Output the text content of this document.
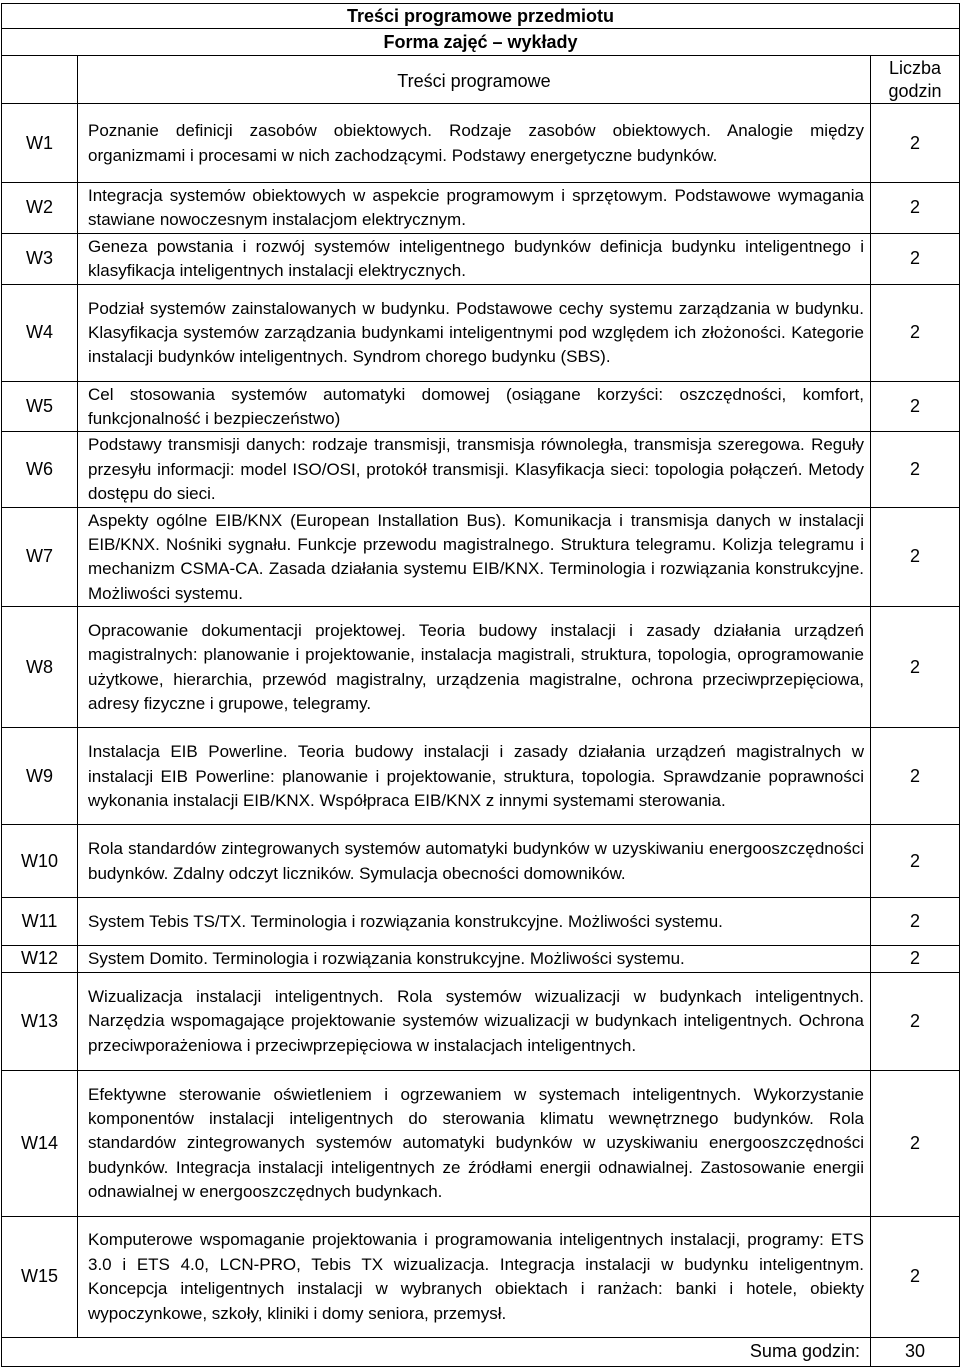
Treści programowe przedmiotu		
Forma zajęć – wykłady		
	Treści programowe	Liczba godzin
W1	Poznanie definicji zasobów obiektowych. Rodzaje zasobów obiektowych. Analogie między organizmami i procesami w nich zachodzącymi. Podstawy energetyczne budynków.	2
W2	Integracja systemów obiektowych w aspekcie programowym i sprzętowym. Podstawowe wymagania stawiane nowoczesnym instalacjom elektrycznym.	2
W3	Geneza powstania i rozwój systemów inteligentnego budynków definicja budynku inteligentnego i klasyfikacja inteligentnych instalacji elektrycznych.	2
W4	Podział systemów zainstalowanych w budynku. Podstawowe cechy systemu zarządzania w budynku. Klasyfikacja systemów zarządzania budynkami inteligentnymi pod względem ich złożoności. Kategorie instalacji budynków inteligentnych. Syndrom chorego budynku (SBS).	2
W5	Cel stosowania systemów automatyki domowej (osiągane korzyści: oszczędności, komfort, funkcjonalność i bezpieczeństwo)	2
W6	Podstawy transmisji danych: rodzaje transmisji, transmisja równoległa, transmisja szeregowa. Reguły przesyłu informacji: model ISO/OSI, protokół transmisji. Klasyfikacja sieci: topologia połączeń. Metody dostępu do sieci.	2
W7	Aspekty ogólne EIB/KNX (European Installation Bus). Komunikacja i transmisja danych w instalacji EIB/KNX. Nośniki sygnału. Funkcje przewodu magistralnego. Struktura telegramu. Kolizja telegramu i mechanizm CSMA-CA. Zasada działania systemu EIB/KNX. Terminologia i rozwiązania konstrukcyjne. Możliwości systemu.	2
W8	Opracowanie dokumentacji projektowej. Teoria budowy instalacji i zasady działania urządzeń magistralnych: planowanie i projektowanie, instalacja magistrali, struktura, topologia, oprogramowanie użytkowe, hierarchia, przewód magistralny, urządzenia magistralne, ochrona przeciwprzepięciowa, adresy fizyczne i grupowe, telegramy.	2
W9	Instalacja EIB Powerline. Teoria budowy instalacji i zasady działania urządzeń magistralnych w instalacji EIB Powerline: planowanie i projektowanie, struktura, topologia. Sprawdzanie poprawności wykonania instalacji EIB/KNX. Współpraca EIB/KNX z innymi systemami sterowania.	2
W10	Rola standardów zintegrowanych systemów automatyki budynków w uzyskiwaniu energooszczędności budynków. Zdalny odczyt liczników. Symulacja obecności domowników.	2
W11	System Tebis TS/TX. Terminologia i rozwiązania konstrukcyjne. Możliwości systemu.	2
W12	System Domito. Terminologia i rozwiązania konstrukcyjne. Możliwości systemu.	2
W13	Wizualizacja instalacji inteligentnych. Rola systemów wizualizacji w budynkach inteligentnych. Narzędzia wspomagające projektowanie systemów wizualizacji w budynkach inteligentnych. Ochrona przeciwporażeniowa i przeciwprzepięciowa w instalacjach inteligentnych.	2
W14	Efektywne sterowanie oświetleniem i ogrzewaniem w systemach inteligentnych. Wykorzystanie komponentów instalacji inteligentnych do sterowania klimatu wewnętrznego budynków. Rola standardów zintegrowanych systemów automatyki budynków w uzyskiwaniu energooszczędności budynków. Integracja instalacji inteligentnych ze źródłami energii odnawialnej. Zastosowanie energii odnawialnej w energooszczędnych budynkach.	2
W15	Komputerowe wspomaganie projektowania i programowania inteligentnych instalacji, programy: ETS 3.0 i ETS 4.0, LCN-PRO, Tebis TX wizualizacja. Integracja instalacji w budynku inteligentnym. Koncepcja inteligentnych instalacji w wybranych obiektach i ranżach: banki i hotele, obiekty wypoczynkowe, szkoły, kliniki i domy seniora, przemysł.	2
Suma godzin:		30
